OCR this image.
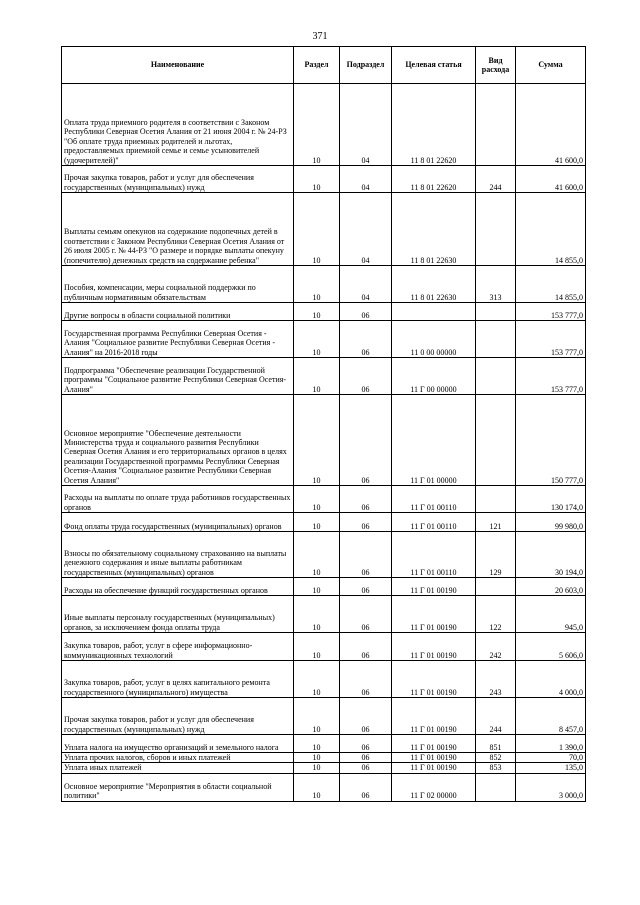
371
Наименование	Раздел	Подраздел	Целевая статья	Вид расхода	Сумма
Оплата труда приемного родителя в соответствии с Законом Республики Северная Осетия Алания от 21 июня 2004 г. № 24-РЗ "Об оплате труда приемных родителей и льготах, предоставляемых приемной семье и семье усыновителей (удочерителей)"	10	04	11 8 01 22620		41 600,0
Прочая закупка товаров, работ и услуг для обеспечения государственных (муниципальных) нужд	10	04	11 8 01 22620	244	41 600,0
Выплаты семьям опекунов на содержание подопечных детей в соответствии с Законом Республики Северная Осетия Алания от 26 июля 2005 г. № 44-РЗ "О размере и порядке выплаты опекуну (попечителю) денежных средств на содержание ребенка"	10	04	11 8 01 22630		14 855,0
Пособия, компенсации, меры социальной поддержки по публичным нормативным обязательствам	10	04	11 8 01 22630	313	14 855,0
Другие вопросы в области социальной политики	10	06			153 777,0
Государственная программа Республики Северная Осетия - Алания "Социальное развитие Республики Северная Осетия - Алания" на 2016-2018 годы	10	06	11 0 00 00000		153 777,0
Подпрограмма "Обеспечение реализации Государственной программы "Социальное развитие Республики Северная Осетия-Алания"	10	06	11 Г 00 00000		153 777,0
Основное мероприятие "Обеспечение деятельности Министерства труда и социального развития Республики Северная Осетия Алания и его территориальных органов в целях реализации Государственной программы Республики Северная Осетия-Алания "Социальное развитие Республики Северная Осетия Алания"	10	06	11 Г 01 00000		150 777,0
Расходы на выплаты по оплате труда работников государственных органов	10	06	11 Г 01 00110		130 174,0
Фонд оплаты труда государственных (муниципальных) органов	10	06	11 Г 01 00110	121	99 980,0
Взносы по обязательному социальному страхованию на выплаты денежного содержания и иные выплаты работникам государственных (муниципальных) органов	10	06	11 Г 01 00110	129	30 194,0
Расходы на обеспечение функций государственных органов	10	06	11 Г 01 00190		20 603,0
Иные выплаты персоналу государственных (муниципальных) органов, за исключением фонда оплаты труда	10	06	11 Г 01 00190	122	945,0
Закупка товаров, работ, услуг в сфере информационно-коммуникационных технологий	10	06	11 Г 01 00190	242	5 606,0
Закупка товаров, работ, услуг в целях капитального ремонта государственного (муниципального) имущества	10	06	11 Г 01 00190	243	4 000,0
Прочая закупка товаров, работ и услуг для обеспечения государственных (муниципальных) нужд	10	06	11 Г 01 00190	244	8 457,0
Уплата налога на имущество организаций и земельного налога	10	06	11 Г 01 00190	851	1 390,0
Уплата прочих налогов, сборов и иных платежей	10	06	11 Г 01 00190	852	70,0
Уплата иных платежей	10	06	11 Г 01 00190	853	135,0
Основное мероприятие "Мероприятия в области социальной политики"	10	06	11 Г 02 00000		3 000,0
